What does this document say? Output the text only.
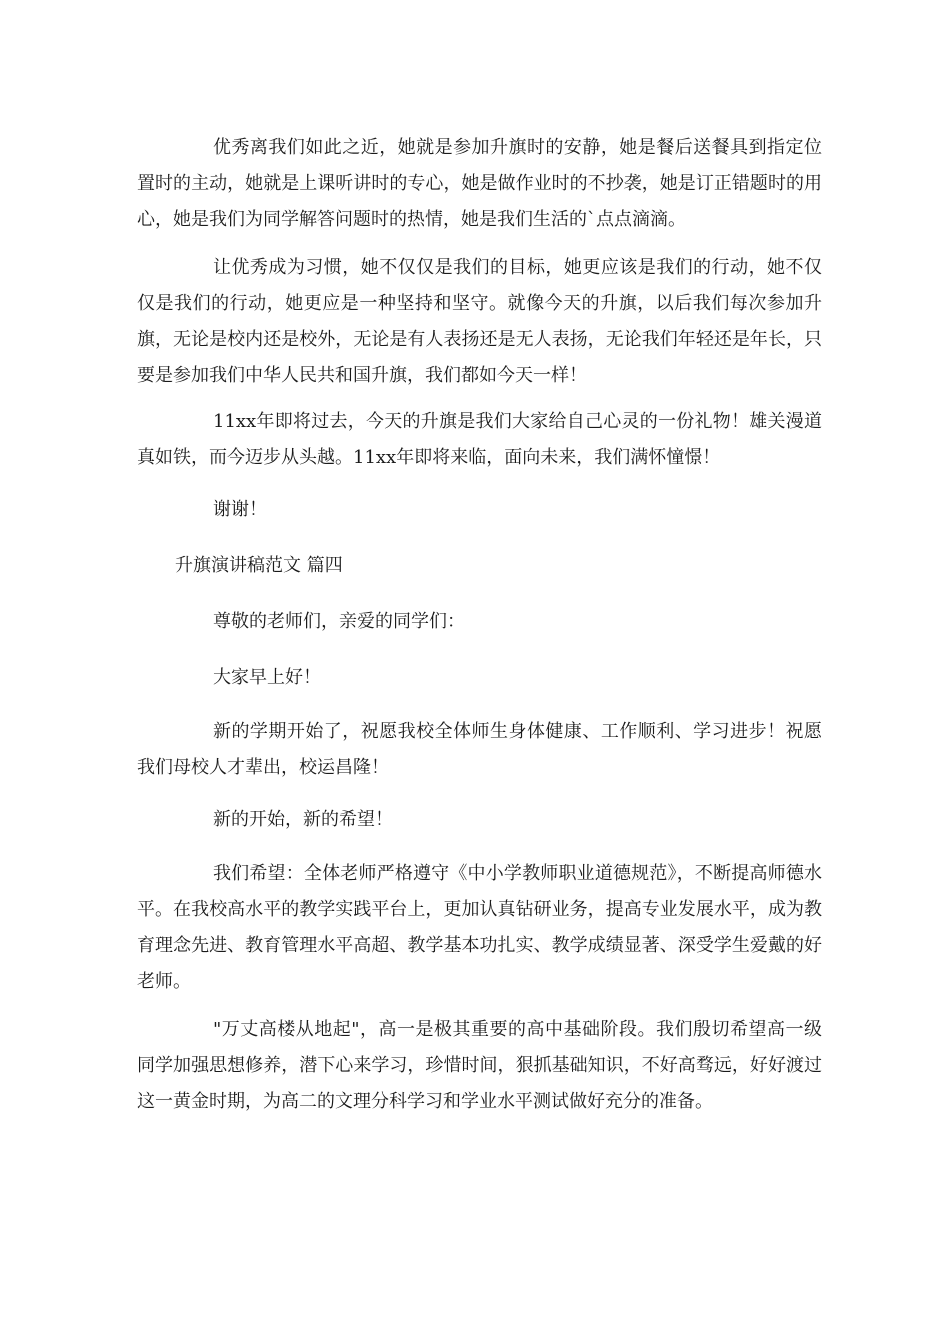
优秀离我们如此之近，她就是参加升旗时的安静，她是餐后送餐具到指定位置时的主动，她就是上课听讲时的专心，她是做作业时的不抄袭，她是订正错题时的用心，她是我们为同学解答问题时的热情，她是我们生活的`点点滴滴。

让优秀成为习惯，她不仅仅是我们的目标，她更应该是我们的行动，她不仅仅是我们的行动，她更应是一种坚持和坚守。就像今天的升旗，以后我们每次参加升旗，无论是校内还是校外，无论是有人表扬还是无人表扬，无论我们年轻还是年长，只要是参加我们中华人民共和国升旗，我们都如今天一样！

11xx年即将过去，今天的升旗是我们大家给自己心灵的一份礼物！雄关漫道真如铁，而今迈步从头越。11xx年即将来临，面向未来，我们满怀憧憬！

谢谢！

升旗演讲稿范文 篇四

尊敬的老师们，亲爱的同学们：

大家早上好！

新的学期开始了，祝愿我校全体师生身体健康、工作顺利、学习进步！祝愿我们母校人才辈出，校运昌隆！

新的开始，新的希望！

我们希望：全体老师严格遵守《中小学教师职业道德规范》，不断提高师德水平。在我校高水平的教学实践平台上，更加认真钻研业务，提高专业发展水平，成为教育理念先进、教育管理水平高超、教学基本功扎实、教学成绩显著、深受学生爱戴的好老师。

"万丈高楼从地起"，高一是极其重要的高中基础阶段。我们殷切希望高一级同学加强思想修养，潜下心来学习，珍惜时间，狠抓基础知识，不好高骛远，好好渡过这一黄金时期，为高二的文理分科学习和学业水平测试做好充分的准备。
